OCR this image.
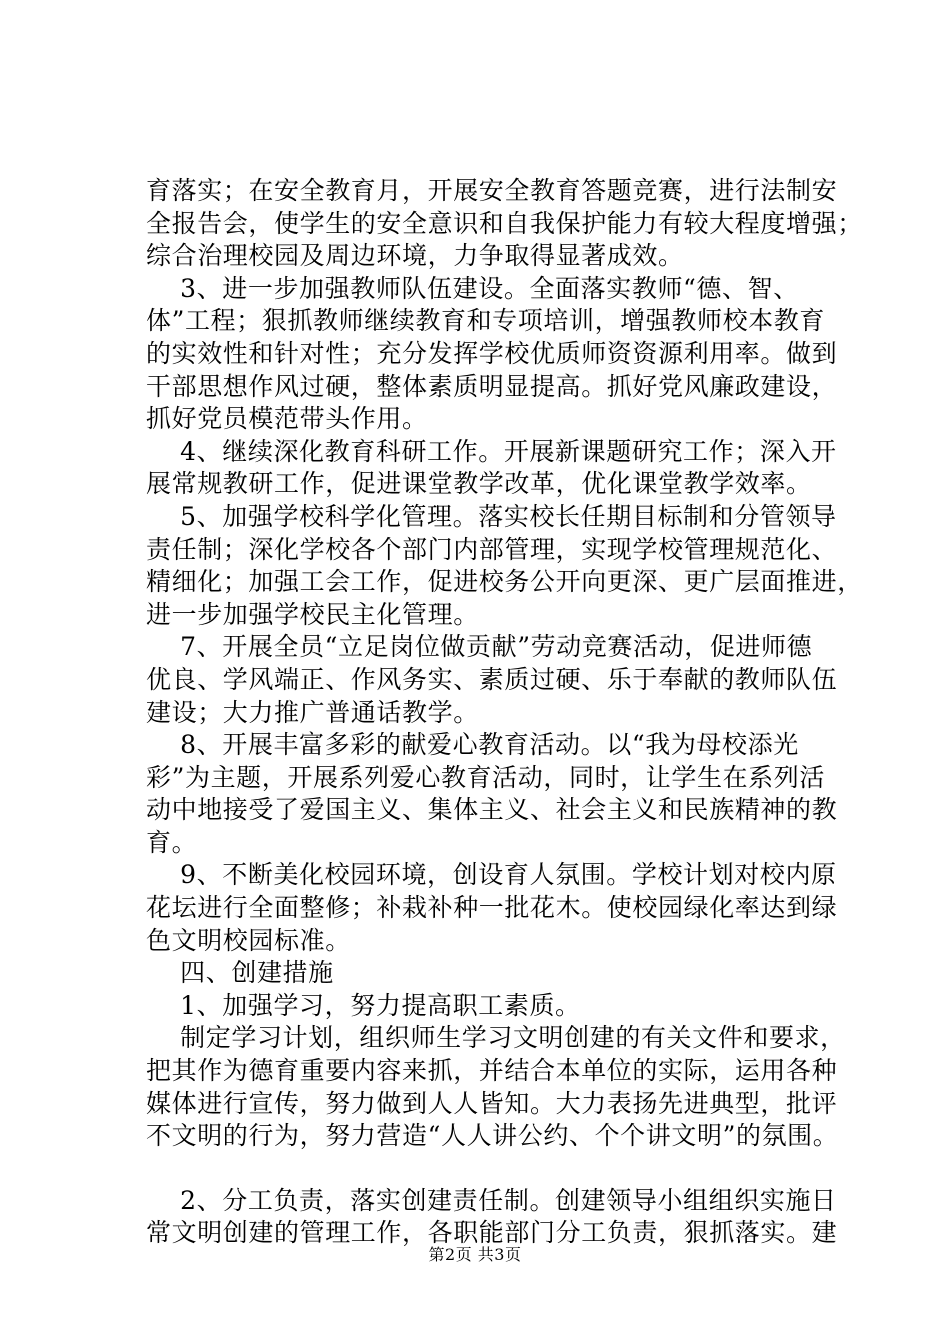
育落实；在安全教育月，开展安全教育答题竞赛，进行法制安
全报告会，使学生的安全意识和自我保护能力有较大程度增强；
综合治理校园及周边环境，力争取得显著成效。
　 3、进一步加强教师队伍建设。全面落实教师“德、智、
体”工程；狠抓教师继续教育和专项培训，增强教师校本教育
的实效性和针对性；充分发挥学校优质师资资源利用率。做到
干部思想作风过硬，整体素质明显提高。抓好党风廉政建设，
抓好党员模范带头作用。
　 4、继续深化教育科研工作。开展新课题研究工作；深入开
展常规教研工作，促进课堂教学改革，优化课堂教学效率。
　 5、加强学校科学化管理。落实校长任期目标制和分管领导
责任制；深化学校各个部门内部管理，实现学校管理规范化、
精细化；加强工会工作，促进校务公开向更深、更广层面推进，
进一步加强学校民主化管理。
　 7、开展全员“立足岗位做贡献”劳动竞赛活动，促进师德
优良、学风端正、作风务实、素质过硬、乐于奉献的教师队伍
建设；大力推广普通话教学。
　 8、开展丰富多彩的献爱心教育活动。以“我为母校添光
彩”为主题，开展系列爱心教育活动，同时，让学生在系列活
动中地接受了爱国主义、集体主义、社会主义和民族精神的教
育。
　 9、不断美化校园环境，创设育人氛围。学校计划对校内原
花坛进行全面整修；补栽补种一批花木。使校园绿化率达到绿
色文明校园标准。
　 四、创建措施
　 1、加强学习，努力提高职工素质。
　 制定学习计划，组织师生学习文明创建的有关文件和要求，
把其作为德育重要内容来抓，并结合本单位的实际，运用各种
媒体进行宣传，努力做到人人皆知。大力表扬先进典型，批评
不文明的行为，努力营造“人人讲公约、个个讲文明”的氛围。
　 2、分工负责，落实创建责任制。创建领导小组组织实施日
常文明创建的管理工作，各职能部门分工负责，狠抓落实。建
第2页 共3页
